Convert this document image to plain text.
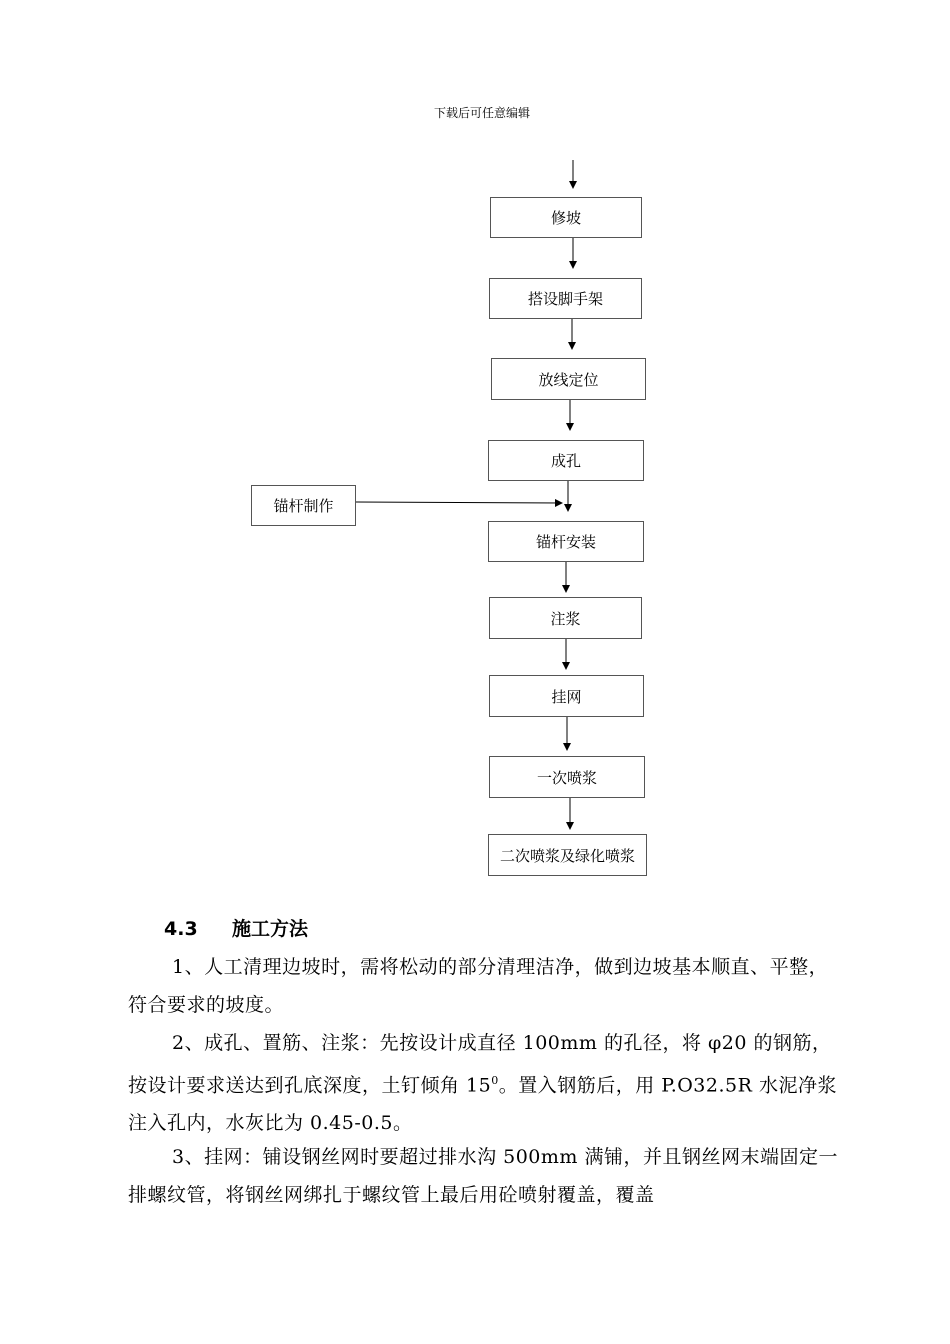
下载后可任意编辑
修坡
搭设脚手架
放线定位
成孔
锚杆制作
锚杆安装
注浆
挂网
一次喷浆
二次喷浆及绿化喷浆
4.3 施工方法

1、人工清理边坡时，需将松动的部分清理洁净，做到边坡基本顺直、平整，符合要求的坡度。

2、成孔、置筋、注浆：先按设计成直径 100mm 的孔径，将 φ20 的钢筋，按设计要求送达到孔底深度，土钉倾角 $15^0$。置入钢筋后，用 P.O32.5R 水泥净浆注入孔内，水灰比为 0.45-0.5。

3、挂网：铺设钢丝网时要超过排水沟 500mm 满铺，并且钢丝网末端固定一排螺纹管，将钢丝网绑扎于螺纹管上最后用砼喷射覆盖，覆盖
